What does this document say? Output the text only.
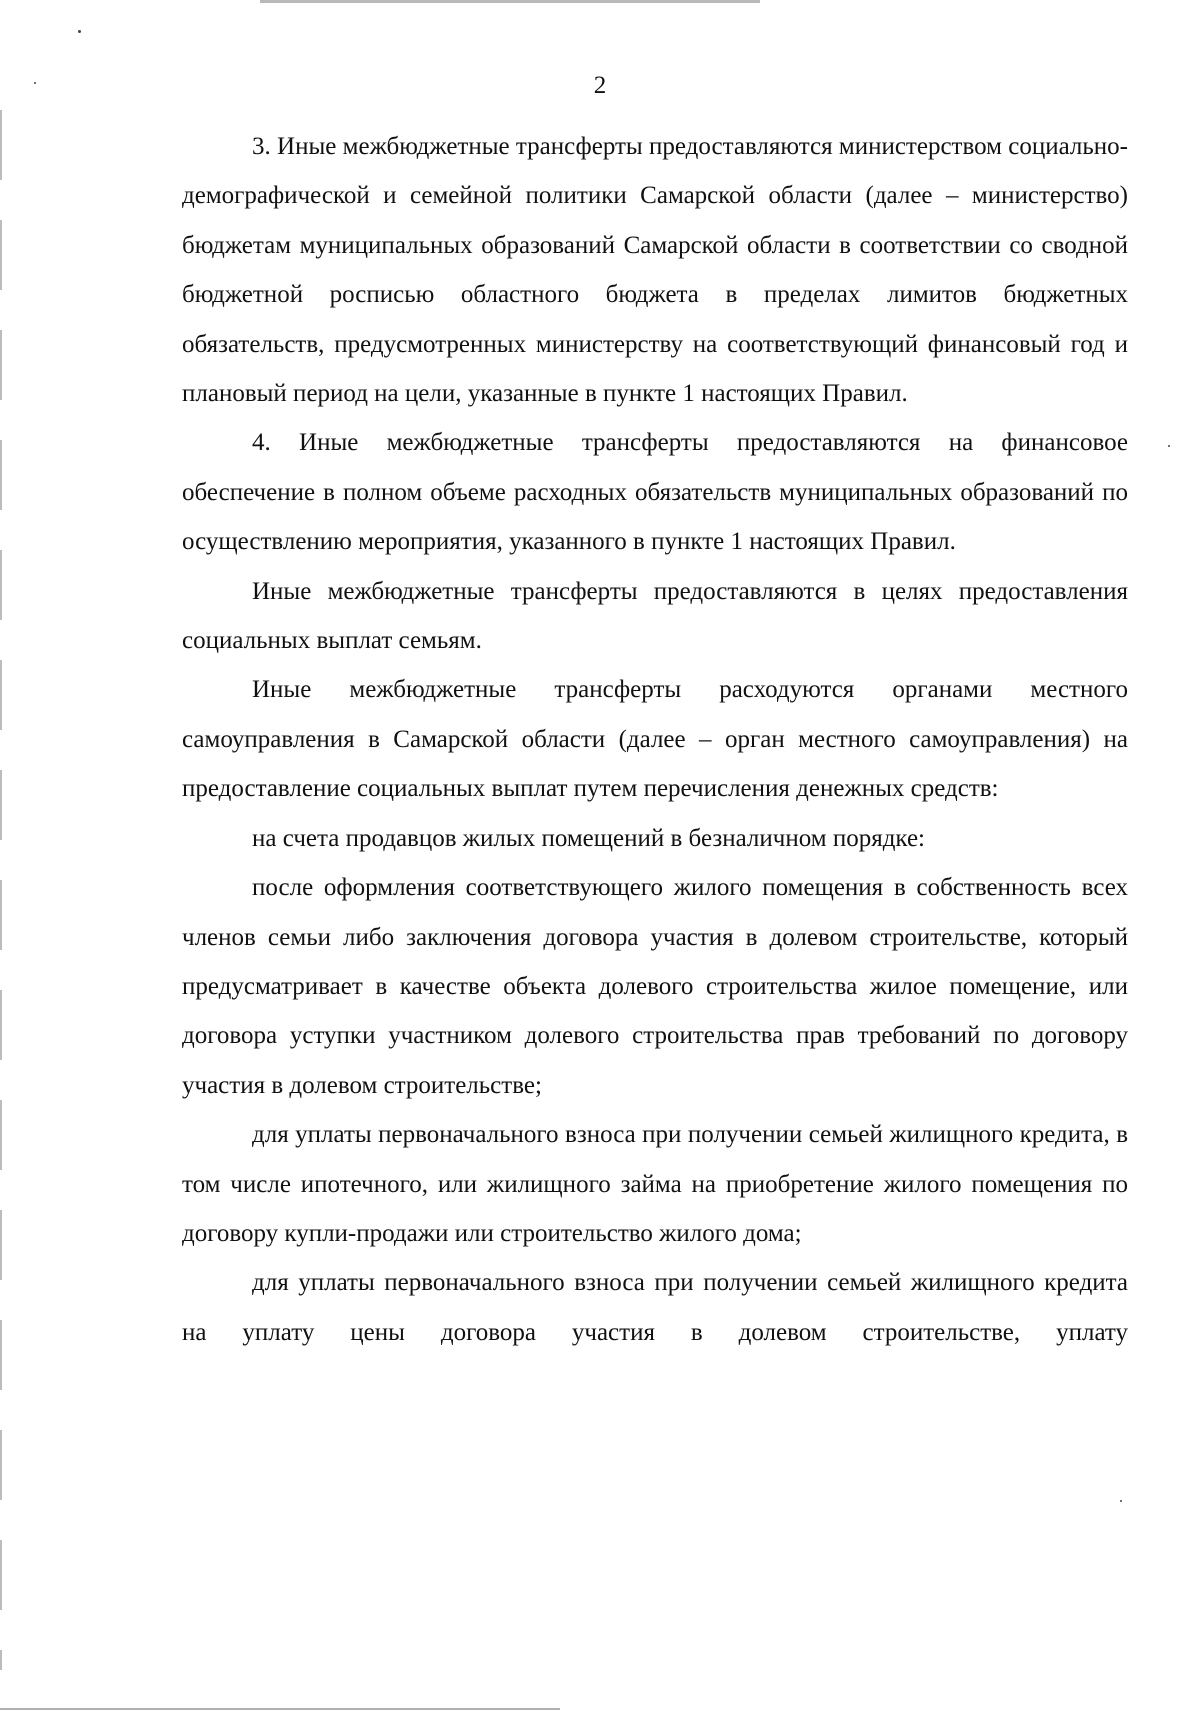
2

3. Иные межбюджетные трансферты предоставляются министерством социально-демографической и семейной политики Самарской области (далее – министерство) бюджетам муниципальных образований Самарской области в соответствии со сводной бюджетной росписью областного бюджета в пределах лимитов бюджетных обязательств, предусмотренных министерству на соответствующий финансовый год и плановый период на цели, указанные в пункте 1 настоящих Правил.

4. Иные межбюджетные трансферты предоставляются на финансовое обеспечение в полном объеме расходных обязательств муниципальных образований по осуществлению мероприятия, указанного в пункте 1 настоящих Правил.

Иные межбюджетные трансферты предоставляются в целях предоставления социальных выплат семьям.

Иные межбюджетные трансферты расходуются органами местного самоуправления в Самарской области (далее – орган местного самоуправления) на предоставление социальных выплат путем перечисления денежных средств:

на счета продавцов жилых помещений в безналичном порядке:

после оформления соответствующего жилого помещения в собственность всех членов семьи либо заключения договора участия в долевом строительстве, который предусматривает в качестве объекта долевого строительства жилое помещение, или договора уступки участником долевого строительства прав требований по договору участия в долевом строительстве;

для уплаты первоначального взноса при получении семьей жилищного кредита, в том числе ипотечного, или жилищного займа на приобретение жилого помещения по договору купли-продажи или строительство жилого дома;

для уплаты первоначального взноса при получении семьей жилищного кредита на уплату цены договора участия в долевом строительстве, уплату
